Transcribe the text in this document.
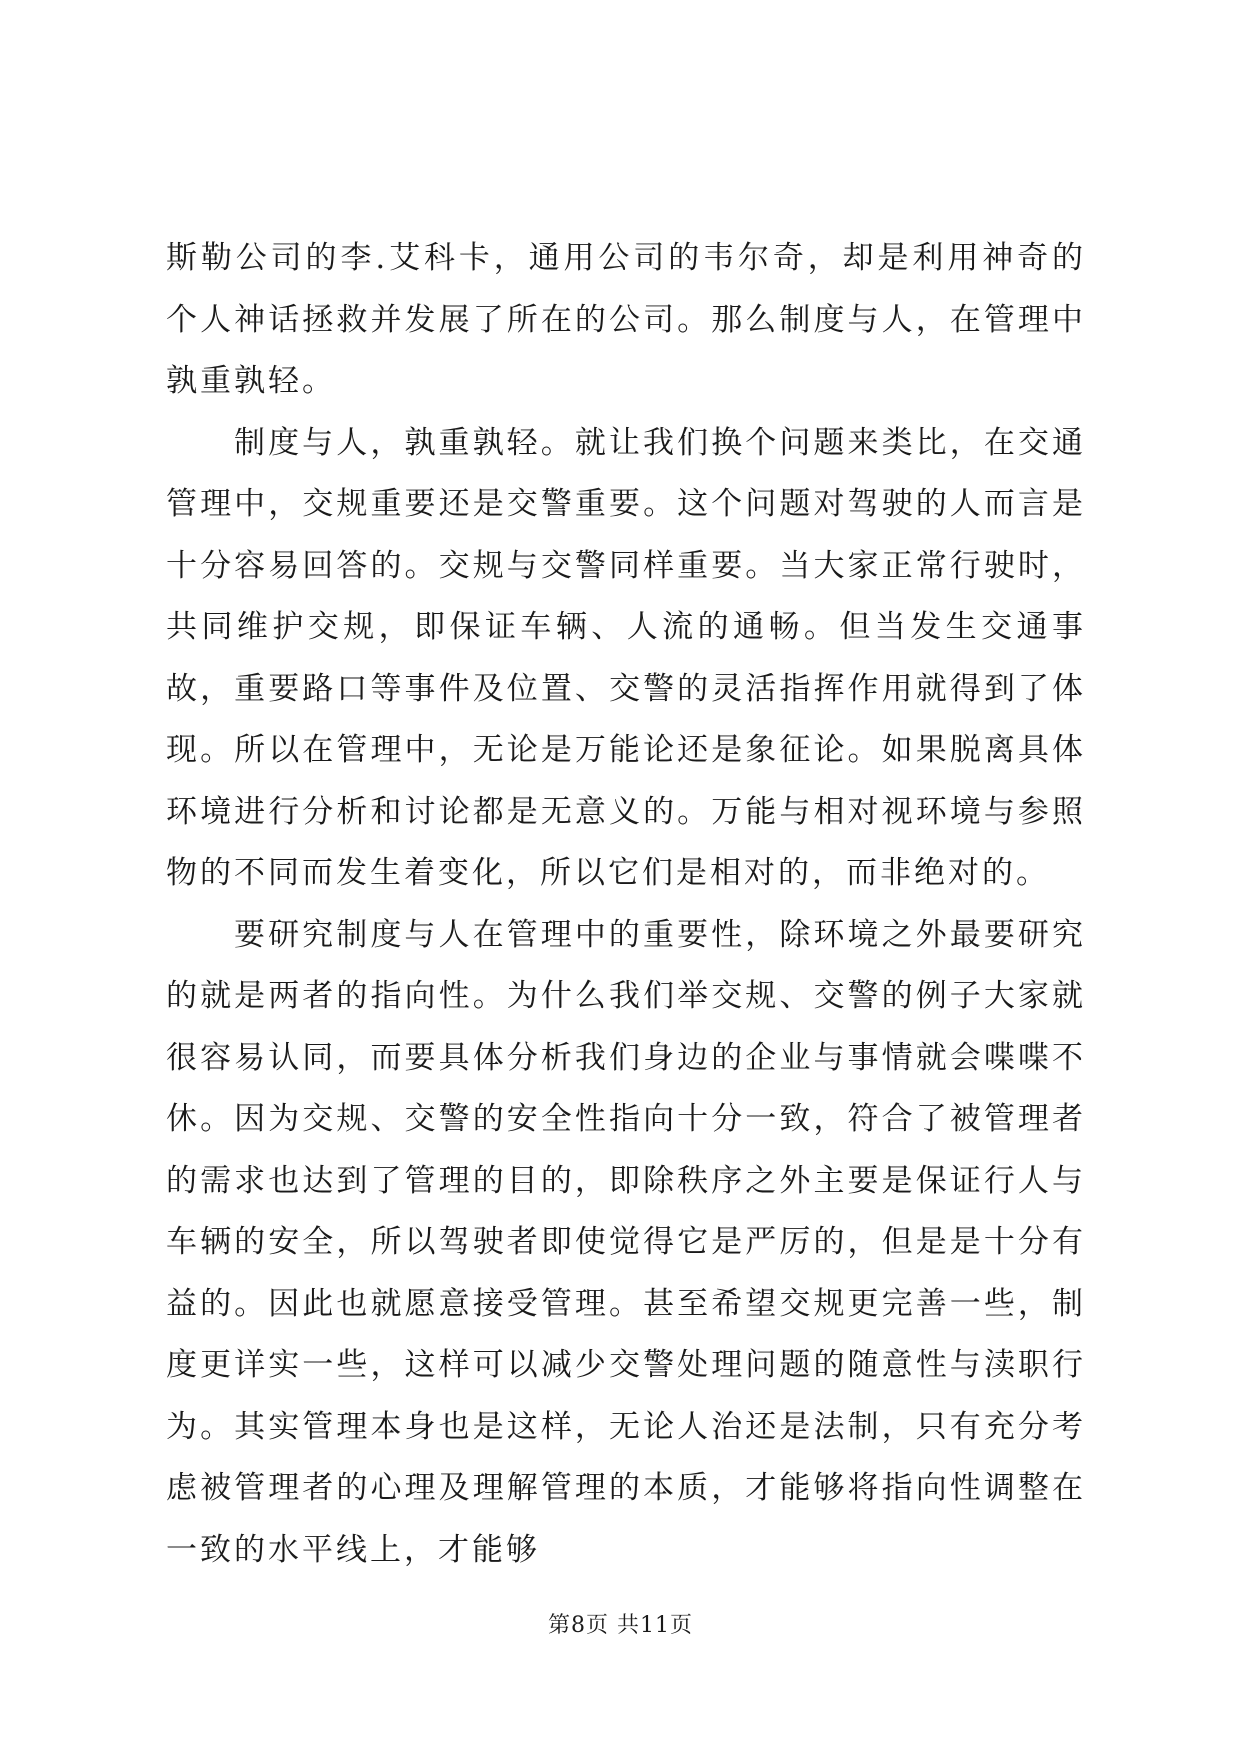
斯勒公司的李.艾科卡，通用公司的韦尔奇，却是利用神奇的个人神话拯救并发展了所在的公司。那么制度与人，在管理中孰重孰轻。

制度与人，孰重孰轻。就让我们换个问题来类比，在交通管理中，交规重要还是交警重要。这个问题对驾驶的人而言是十分容易回答的。交规与交警同样重要。当大家正常行驶时，共同维护交规，即保证车辆、人流的通畅。但当发生交通事故，重要路口等事件及位置、交警的灵活指挥作用就得到了体现。所以在管理中，无论是万能论还是象征论。如果脱离具体环境进行分析和讨论都是无意义的。万能与相对视环境与参照物的不同而发生着变化，所以它们是相对的，而非绝对的。

要研究制度与人在管理中的重要性，除环境之外最要研究的就是两者的指向性。为什么我们举交规、交警的例子大家就很容易认同，而要具体分析我们身边的企业与事情就会喋喋不休。因为交规、交警的安全性指向十分一致，符合了被管理者的需求也达到了管理的目的，即除秩序之外主要是保证行人与车辆的安全，所以驾驶者即使觉得它是严厉的，但是是十分有益的。因此也就愿意接受管理。甚至希望交规更完善一些，制度更详实一些，这样可以减少交警处理问题的随意性与渎职行为。其实管理本身也是这样，无论人治还是法制，只有充分考虑被管理者的心理及理解管理的本质，才能够将指向性调整在一致的水平线上，才能够

第8页 共11页
